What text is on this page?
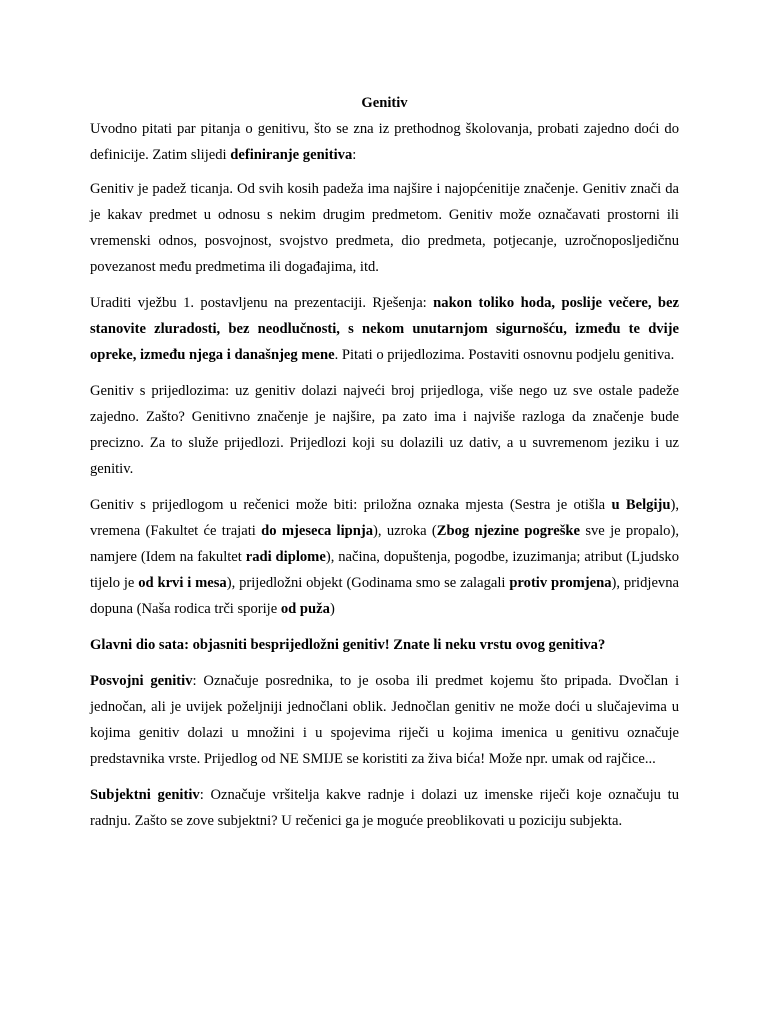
Genitiv

Uvodno pitati par pitanja o genitivu, što se zna iz prethodnog školovanja, probati zajedno doći do definicije. Zatim slijedi definiranje genitiva:

Genitiv je padež ticanja. Od svih kosih padeža ima najšire i najopćenitije značenje. Genitiv znači da je kakav predmet u odnosu s nekim drugim predmetom. Genitiv može označavati prostorni ili vremenski odnos, posvojnost, svojstvo predmeta, dio predmeta, potjecanje, uzročnoposljedičnu povezanost među predmetima ili događajima, itd.

Uraditi vježbu 1. postavljenu na prezentaciji. Rješenja: nakon toliko hoda, poslije večere, bez stanovite zluradosti, bez neodlučnosti, s nekom unutarnjom sigurnošću, između te dvije opreke, između njega i današnjeg mene. Pitati o prijedlozima. Postaviti osnovnu podjelu genitiva.

Genitiv s prijedlozima: uz genitiv dolazi najveći broj prijedloga, više nego uz sve ostale padeže zajedno. Zašto? Genitivno značenje je najšire, pa zato ima i najviše razloga da značenje bude precizno. Za to služe prijedlozi. Prijedlozi koji su dolazili uz dativ, a u suvremenom jeziku i uz genitiv.

Genitiv s prijedlogom u rečenici može biti: priložna oznaka mjesta (Sestra je otišla u Belgiju), vremena (Fakultet će trajati do mjeseca lipnja), uzroka (Zbog njezine pogreške sve je propalo), namjere (Idem na fakultet radi diplome), načina, dopuštenja, pogodbe, izuzimanja; atribut (Ljudsko tijelo je od krvi i mesa), prijedložni objekt (Godinama smo se zalagali protiv promjena), pridjevna dopuna (Naša rodica trči sporije od puža)

Glavni dio sata: objasniti besprijedložni genitiv! Znate li neku vrstu ovog genitiva?

Posvojni genitiv: Označuje posrednika, to je osoba ili predmet kojemu što pripada. Dvočlan i jednočan, ali je uvijek poželjniji jednočlani oblik. Jednočlan genitiv ne može doći u slučajevima u kojima genitiv dolazi u množini i u spojevima riječi u kojima imenica u genitivu označuje predstavnika vrste. Prijedlog od NE SMIJE se koristiti za živa bića! Može npr. umak od rajčice...

Subjektni genitiv: Označuje vršitelja kakve radnje i dolazi uz imenske riječi koje označuju tu radnju. Zašto se zove subjektni? U rečenici ga je moguće preoblikovati u poziciju subjekta.
